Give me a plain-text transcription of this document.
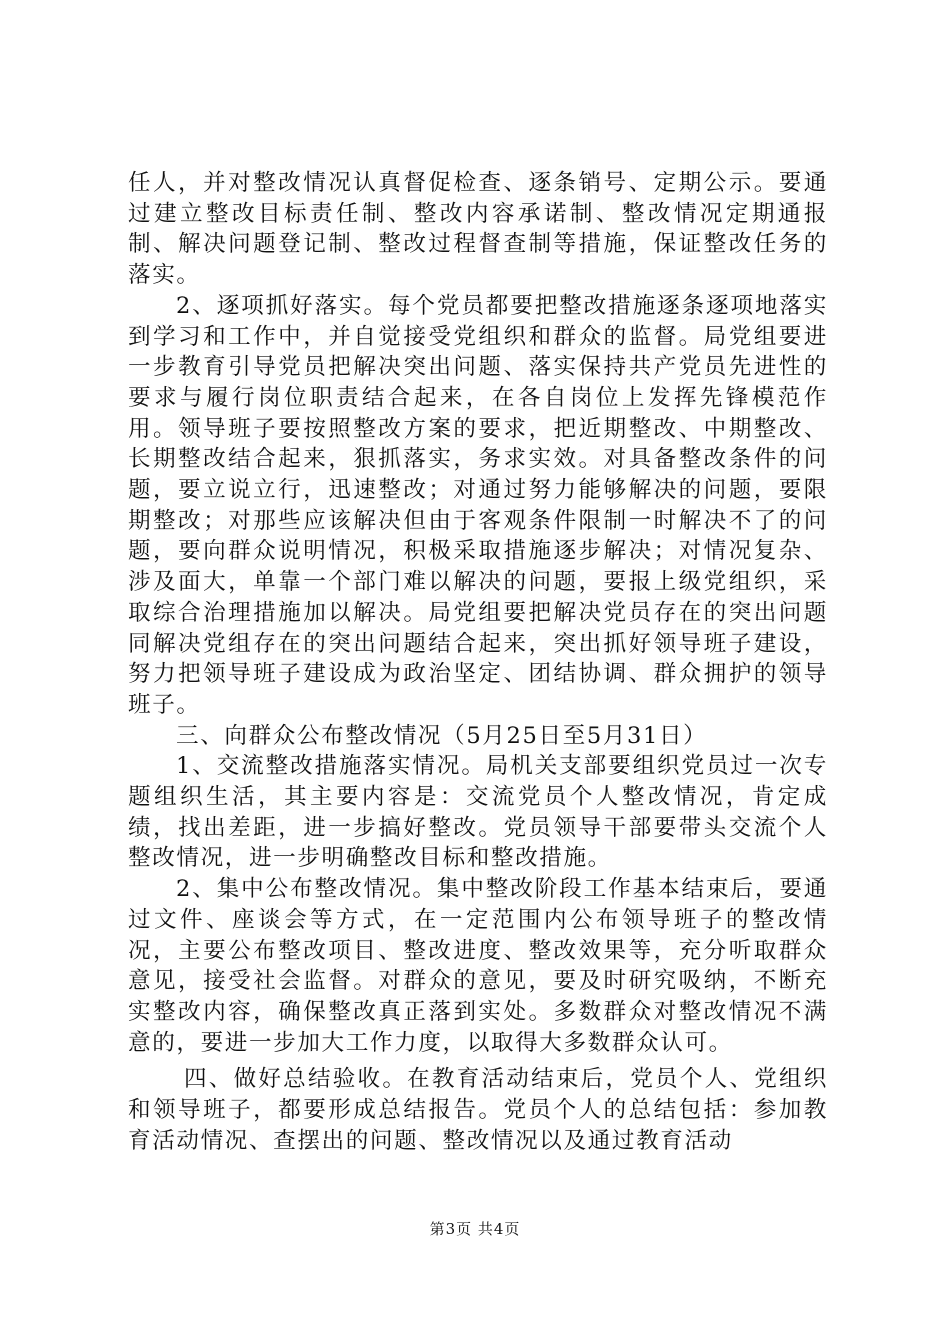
任人，并对整改情况认真督促检查、逐条销号、定期公示。要通过建立整改目标责任制、整改内容承诺制、整改情况定期通报制、解决问题登记制、整改过程督查制等措施，保证整改任务的落实。

2、逐项抓好落实。每个党员都要把整改措施逐条逐项地落实到学习和工作中，并自觉接受党组织和群众的监督。局党组要进一步教育引导党员把解决突出问题、落实保持共产党员先进性的要求与履行岗位职责结合起来，在各自岗位上发挥先锋模范作用。领导班子要按照整改方案的要求，把近期整改、中期整改、长期整改结合起来，狠抓落实，务求实效。对具备整改条件的问题，要立说立行，迅速整改；对通过努力能够解决的问题，要限期整改；对那些应该解决但由于客观条件限制一时解决不了的问题，要向群众说明情况，积极采取措施逐步解决；对情况复杂、涉及面大，单靠一个部门难以解决的问题，要报上级党组织，采取综合治理措施加以解决。局党组要把解决党员存在的突出问题同解决党组存在的突出问题结合起来，突出抓好领导班子建设，努力把领导班子建设成为政治坚定、团结协调、群众拥护的领导班子。

三、向群众公布整改情况（5月25日至5月31日）

1、交流整改措施落实情况。局机关支部要组织党员过一次专题组织生活，其主要内容是：交流党员个人整改情况，肯定成绩，找出差距，进一步搞好整改。党员领导干部要带头交流个人整改情况，进一步明确整改目标和整改措施。

2、集中公布整改情况。集中整改阶段工作基本结束后，要通过文件、座谈会等方式，在一定范围内公布领导班子的整改情况，主要公布整改项目、整改进度、整改效果等，充分听取群众意见，接受社会监督。对群众的意见，要及时研究吸纳，不断充实整改内容，确保整改真正落到实处。多数群众对整改情况不满意的，要进一步加大工作力度，以取得大多数群众认可。

四、做好总结验收。在教育活动结束后，党员个人、党组织和领导班子，都要形成总结报告。党员个人的总结包括：参加教育活动情况、查摆出的问题、整改情况以及通过教育活动

第3页 共4页
